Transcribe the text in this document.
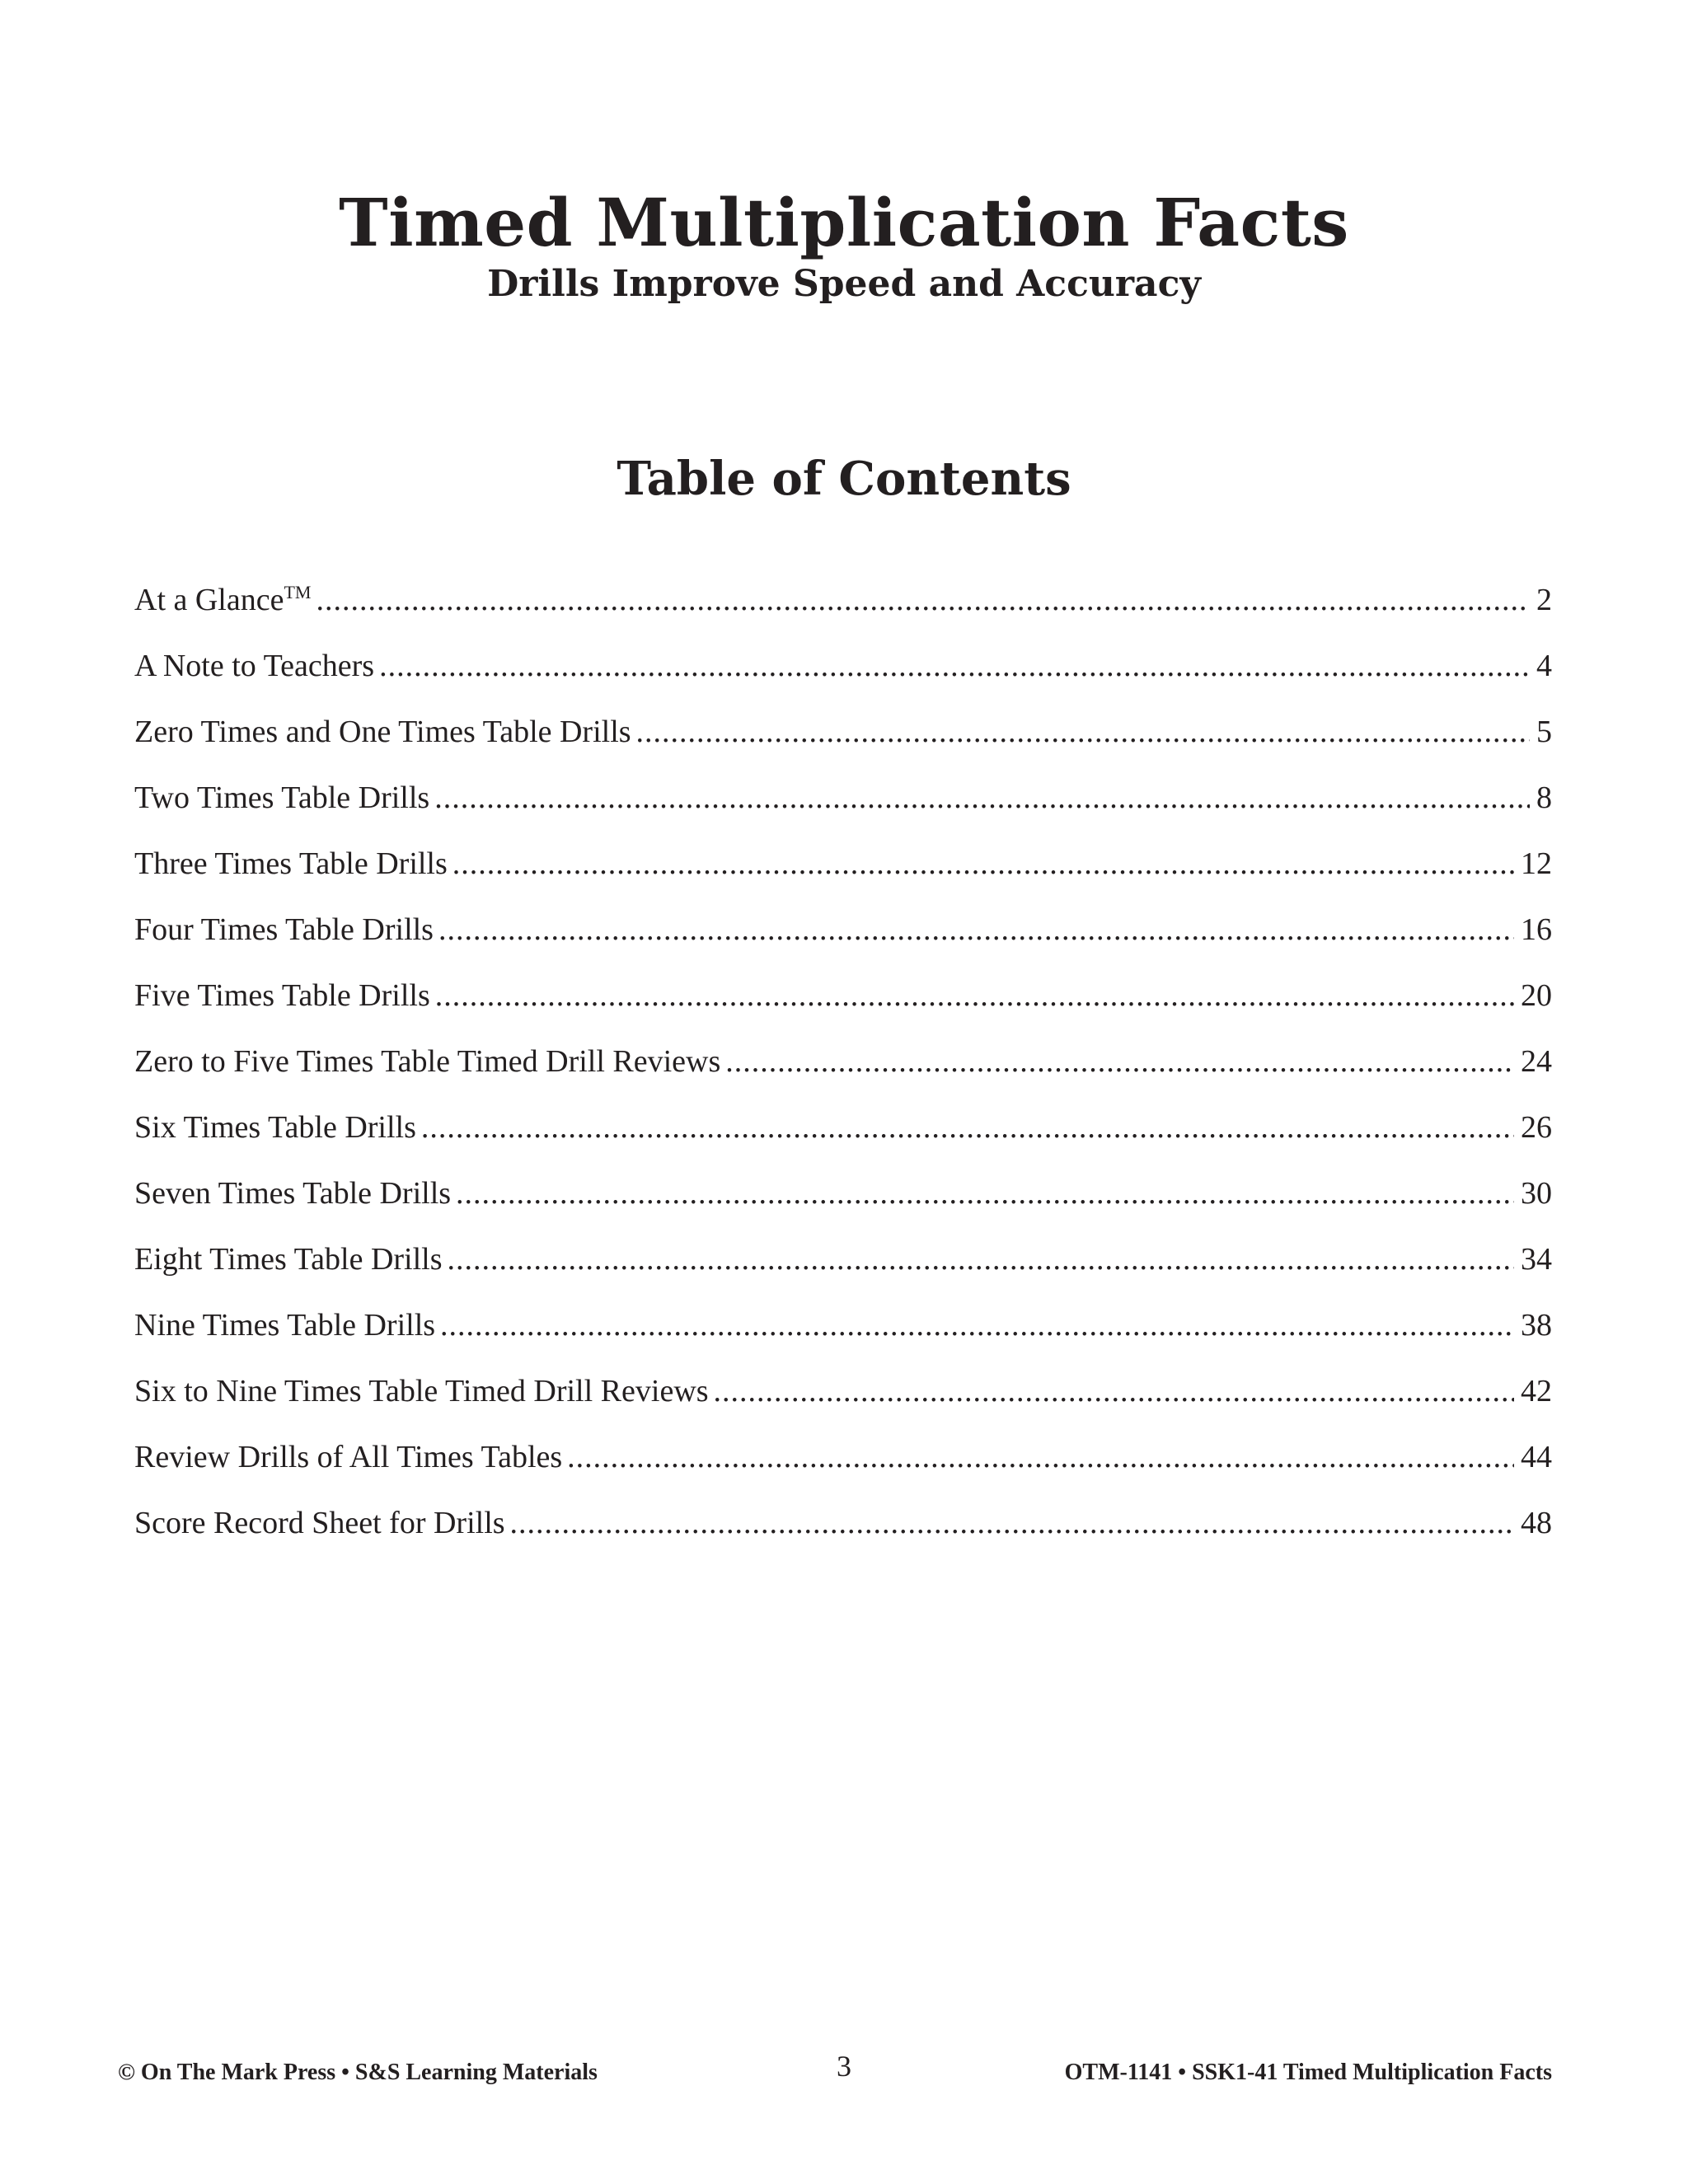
Timed Multiplication Facts
Drills Improve Speed and Accuracy
Table of Contents
At a Glance™ .....	2
A Note to Teachers .....	4
Zero Times and One Times Table Drills .....	5
Two Times Table Drills .....	8
Three Times Table Drills .....	12
Four Times Table Drills .....	16
Five Times Table Drills .....	20
Zero to Five Times Table Timed Drill Reviews .....	24
Six Times Table Drills .....	26
Seven Times Table Drills .....	30
Eight Times Table Drills .....	34
Nine Times Table Drills .....	38
Six to Nine Times Table Timed Drill Reviews .....	42
Review Drills of All Times Tables .....	44
Score Record Sheet for Drills .....	48
© On The Mark Press • S&S Learning Materials	3	OTM-1141 • SSK1-41 Timed Multiplication Facts
